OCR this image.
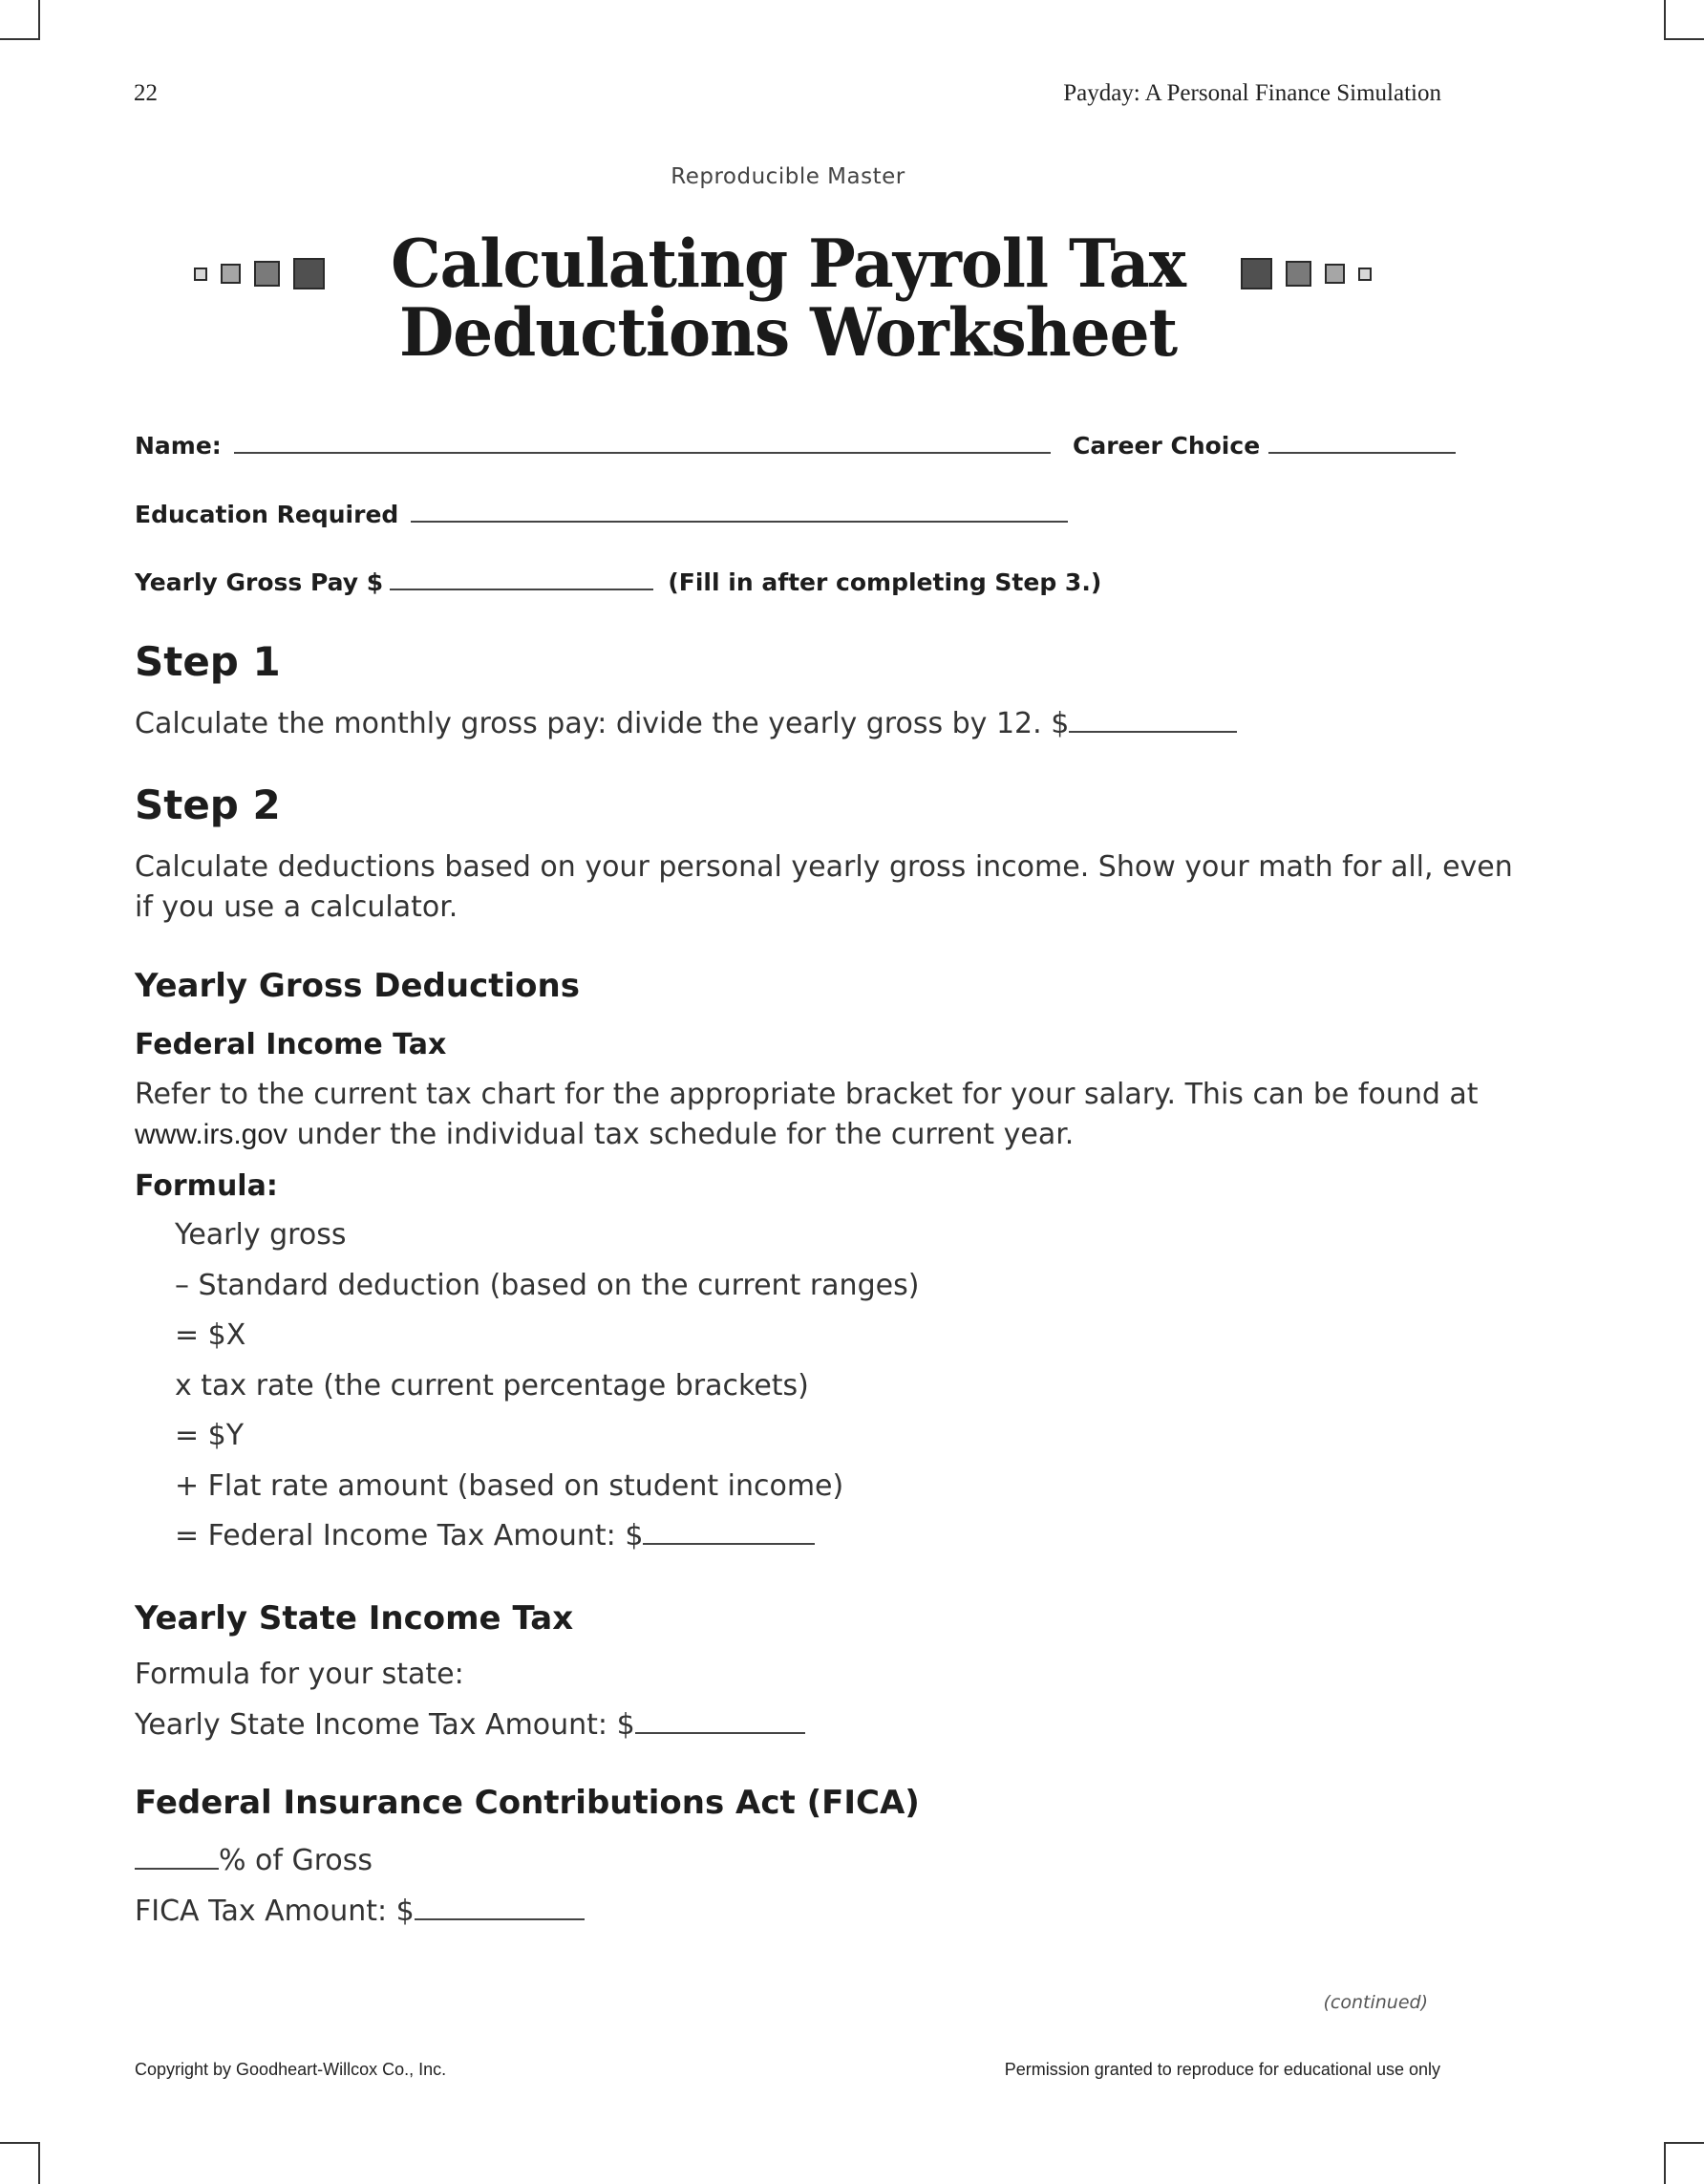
22	Payday: A Personal Finance Simulation
Reproducible Master
Calculating Payroll Tax
Deductions Worksheet
Name:	Career Choice
Education Required
Yearly Gross Pay $	(Fill in after completing Step 3.)
Step 1
Calculate the monthly gross pay: divide the yearly gross by 12. $
Step 2
Calculate deductions based on your personal yearly gross income. Show your math for all, even
if you use a calculator.
Yearly Gross Deductions
Federal Income Tax
Refer to the current tax chart for the appropriate bracket for your salary. This can be found at
www.irs.gov under the individual tax schedule for the current year.
Formula:
Yearly gross
– Standard deduction (based on the current ranges)
= $X
x tax rate (the current percentage brackets)
= $Y
+ Flat rate amount (based on student income)
= Federal Income Tax Amount: $
Yearly State Income Tax
Formula for your state:
Yearly State Income Tax Amount: $
Federal Insurance Contributions Act (FICA)
% of Gross
FICA Tax Amount: $
(continued)
Copyright by Goodheart-Willcox Co., Inc.	Permission granted to reproduce for educational use only
